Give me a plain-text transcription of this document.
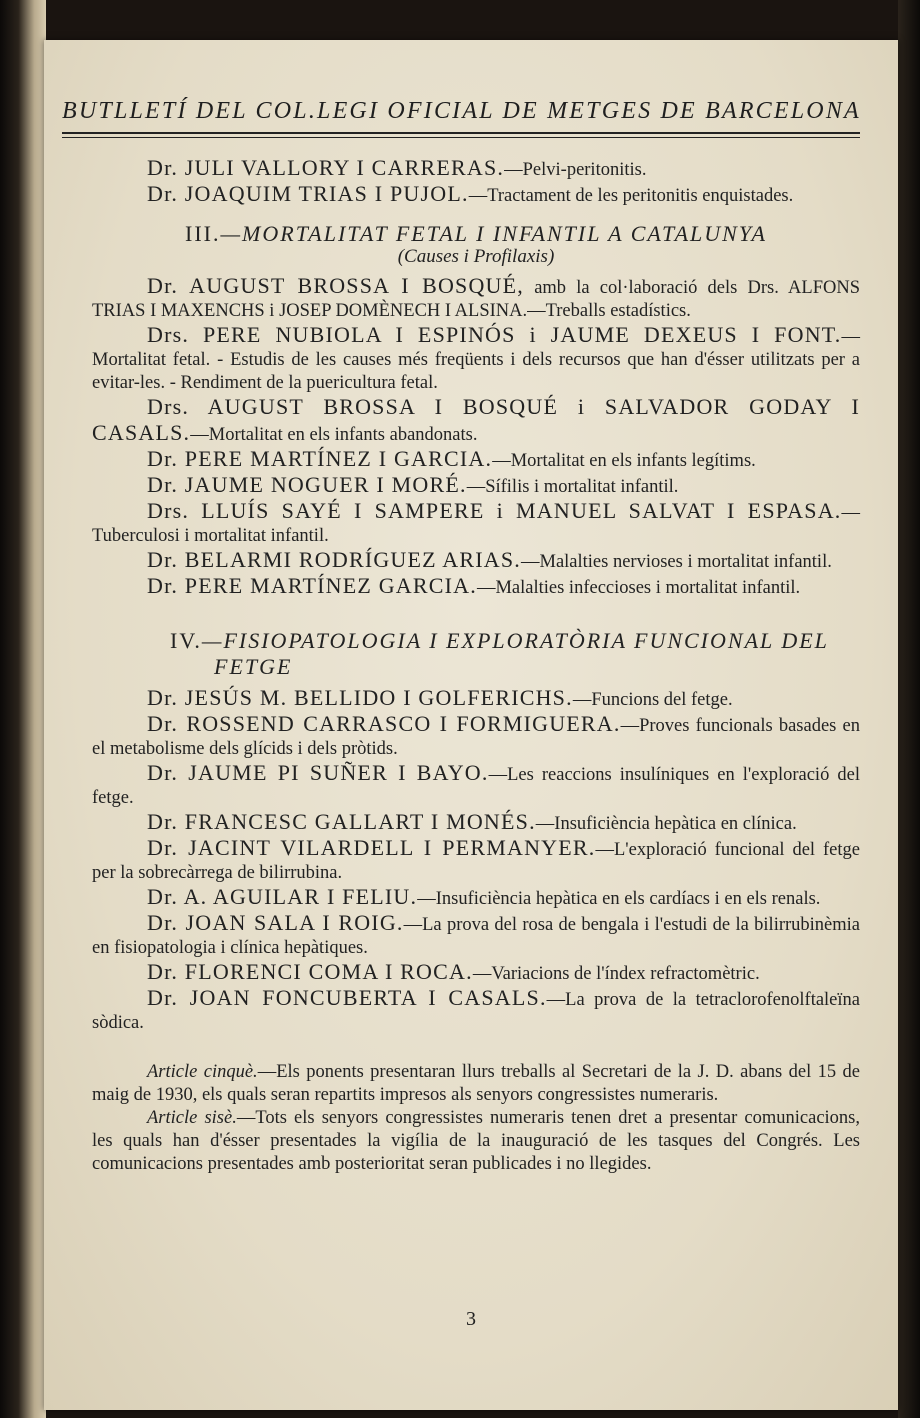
BUTLLETÍ DEL COL.LEGI OFICIAL DE METGES DE BARCELONA

Dr. JULI VALLORY I CARRERAS.—Pelvi-peritonitis.

Dr. JOAQUIM TRIAS I PUJOL.—Tractament de les peritonitis enquistades.

III.—MORTALITAT FETAL I INFANTIL A CATALUNYA
(Causes i Profilaxis)

Dr. AUGUST BROSSA I BOSQUÉ, amb la col·laboració dels Drs. ALFONS TRIAS I MAXENCHS i JOSEP DOMÈNECH I ALSINA.—Treballs estadístics.

Drs. PERE NUBIOLA I ESPINÓS i JAUME DEXEUS I FONT.—Mortalitat fetal. - Estudis de les causes més freqüents i dels recursos que han d'ésser utilitzats per a evitar-les. - Rendiment de la puericultura fetal.

Drs. AUGUST BROSSA I BOSQUÉ i SALVADOR GODAY I CASALS.—Mortalitat en els infants abandonats.

Dr. PERE MARTÍNEZ I GARCIA.—Mortalitat en els infants legítims.

Dr. JAUME NOGUER I MORÉ.—Sífilis i mortalitat infantil.

Drs. LLUÍS SAYÉ I SAMPERE i MANUEL SALVAT I ESPASA.—Tuberculosi i mortalitat infantil.

Dr. BELARMI RODRÍGUEZ ARIAS.—Malalties nervioses i mortalitat infantil.

Dr. PERE MARTÍNEZ GARCIA.—Malalties infeccioses i mortalitat infantil.

IV.—FISIOPATOLOGIA I EXPLORATÒRIA FUNCIONAL DEL
FETGE

Dr. JESÚS M. BELLIDO I GOLFERICHS.—Funcions del fetge.

Dr. ROSSEND CARRASCO I FORMIGUERA.—Proves funcionals basades en el metabolisme dels glícids i dels pròtids.

Dr. JAUME PI SUÑER I BAYO.—Les reaccions insulíniques en l'exploració del fetge.

Dr. FRANCESC GALLART I MONÉS.—Insuficiència hepàtica en clínica.

Dr. JACINT VILARDELL I PERMANYER.—L'exploració funcional del fetge per la sobrecàrrega de bilirrubina.

Dr. A. AGUILAR I FELIU.—Insuficiència hepàtica en els cardíacs i en els renals.

Dr. JOAN SALA I ROIG.—La prova del rosa de bengala i l'estudi de la bilirrubinèmia en fisiopatologia i clínica hepàtiques.

Dr. FLORENCI COMA I ROCA.—Variacions de l'índex refractomètric.

Dr. JOAN FONCUBERTA I CASALS.—La prova de la tetraclorofenolftaleïna sòdica.

Article cinquè.—Els ponents presentaran llurs treballs al Secretari de la J. D. abans del 15 de maig de 1930, els quals seran repartits impresos als senyors congressistes numeraris.

Article sisè.—Tots els senyors congressistes numeraris tenen dret a presentar comunicacions, les quals han d'ésser presentades la vigília de la inauguració de les tasques del Congrés. Les comunicacions presentades amb posterioritat seran publicades i no llegides.

3
